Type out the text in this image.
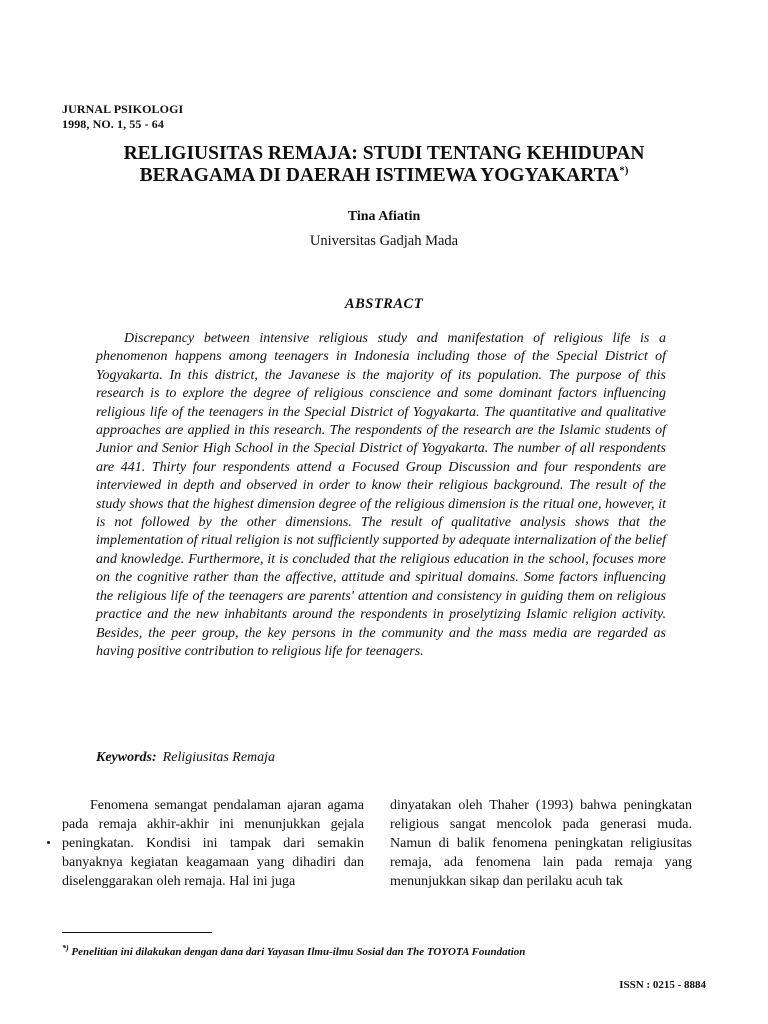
JURNAL PSIKOLOGI
1998, NO. 1, 55 - 64
RELIGIUSITAS REMAJA: STUDI TENTANG KEHIDUPAN
BERAGAMA DI DAERAH ISTIMEWA YOGYAKARTA*)
Tina Afiatin
Universitas Gadjah Mada
ABSTRACT

Discrepancy between intensive religious study and manifestation of religious life is a phenomenon happens among teenagers in Indonesia including those of the Special District of Yogyakarta. In this district, the Javanese is the majority of its population. The purpose of this research is to explore the degree of religious conscience and some dominant factors influencing religious life of the teenagers in the Special District of Yogyakarta. The quantitative and qualitative approaches are applied in this research. The respondents of the research are the Islamic students of Junior and Senior High School in the Special District of Yogyakarta. The number of all respondents are 441. Thirty four respondents attend a Focused Group Discussion and four respondents are interviewed in depth and observed in order to know their religious background. The result of the study shows that the highest dimension degree of the religious dimension is the ritual one, however, it is not followed by the other dimensions. The result of qualitative analysis shows that the implementation of ritual religion is not sufficiently supported by adequate internalization of the belief and knowledge. Furthermore, it is concluded that the religious education in the school, focuses more on the cognitive rather than the affective, attitude and spiritual domains. Some factors influencing the religious life of the teenagers are parents' attention and consistency in guiding them on religious practice and the new inhabitants around the respondents in proselytizing Islamic religion activity. Besides, the peer group, the key persons in the community and the mass media are regarded as having positive contribution to religious life for teenagers.

Keywords: Religiusitas Remaja

Fenomena semangat pendalaman ajaran agama pada remaja akhir-akhir ini menunjukkan gejala peningkatan. Kondisi ini tampak dari semakin banyaknya kegiatan keagamaan yang dihadiri dan diselenggarakan oleh remaja. Hal ini juga

dinyatakan oleh Thaher (1993) bahwa peningkatan religious sangat mencolok pada generasi muda. Namun di balik fenomena peningkatan religiusitas remaja, ada fenomena lain pada remaja yang menunjukkan sikap dan perilaku acuh tak

*) Penelitian ini dilakukan dengan dana dari Yayasan Ilmu-ilmu Sosial dan The TOYOTA Foundation
ISSN : 0215 - 8884
